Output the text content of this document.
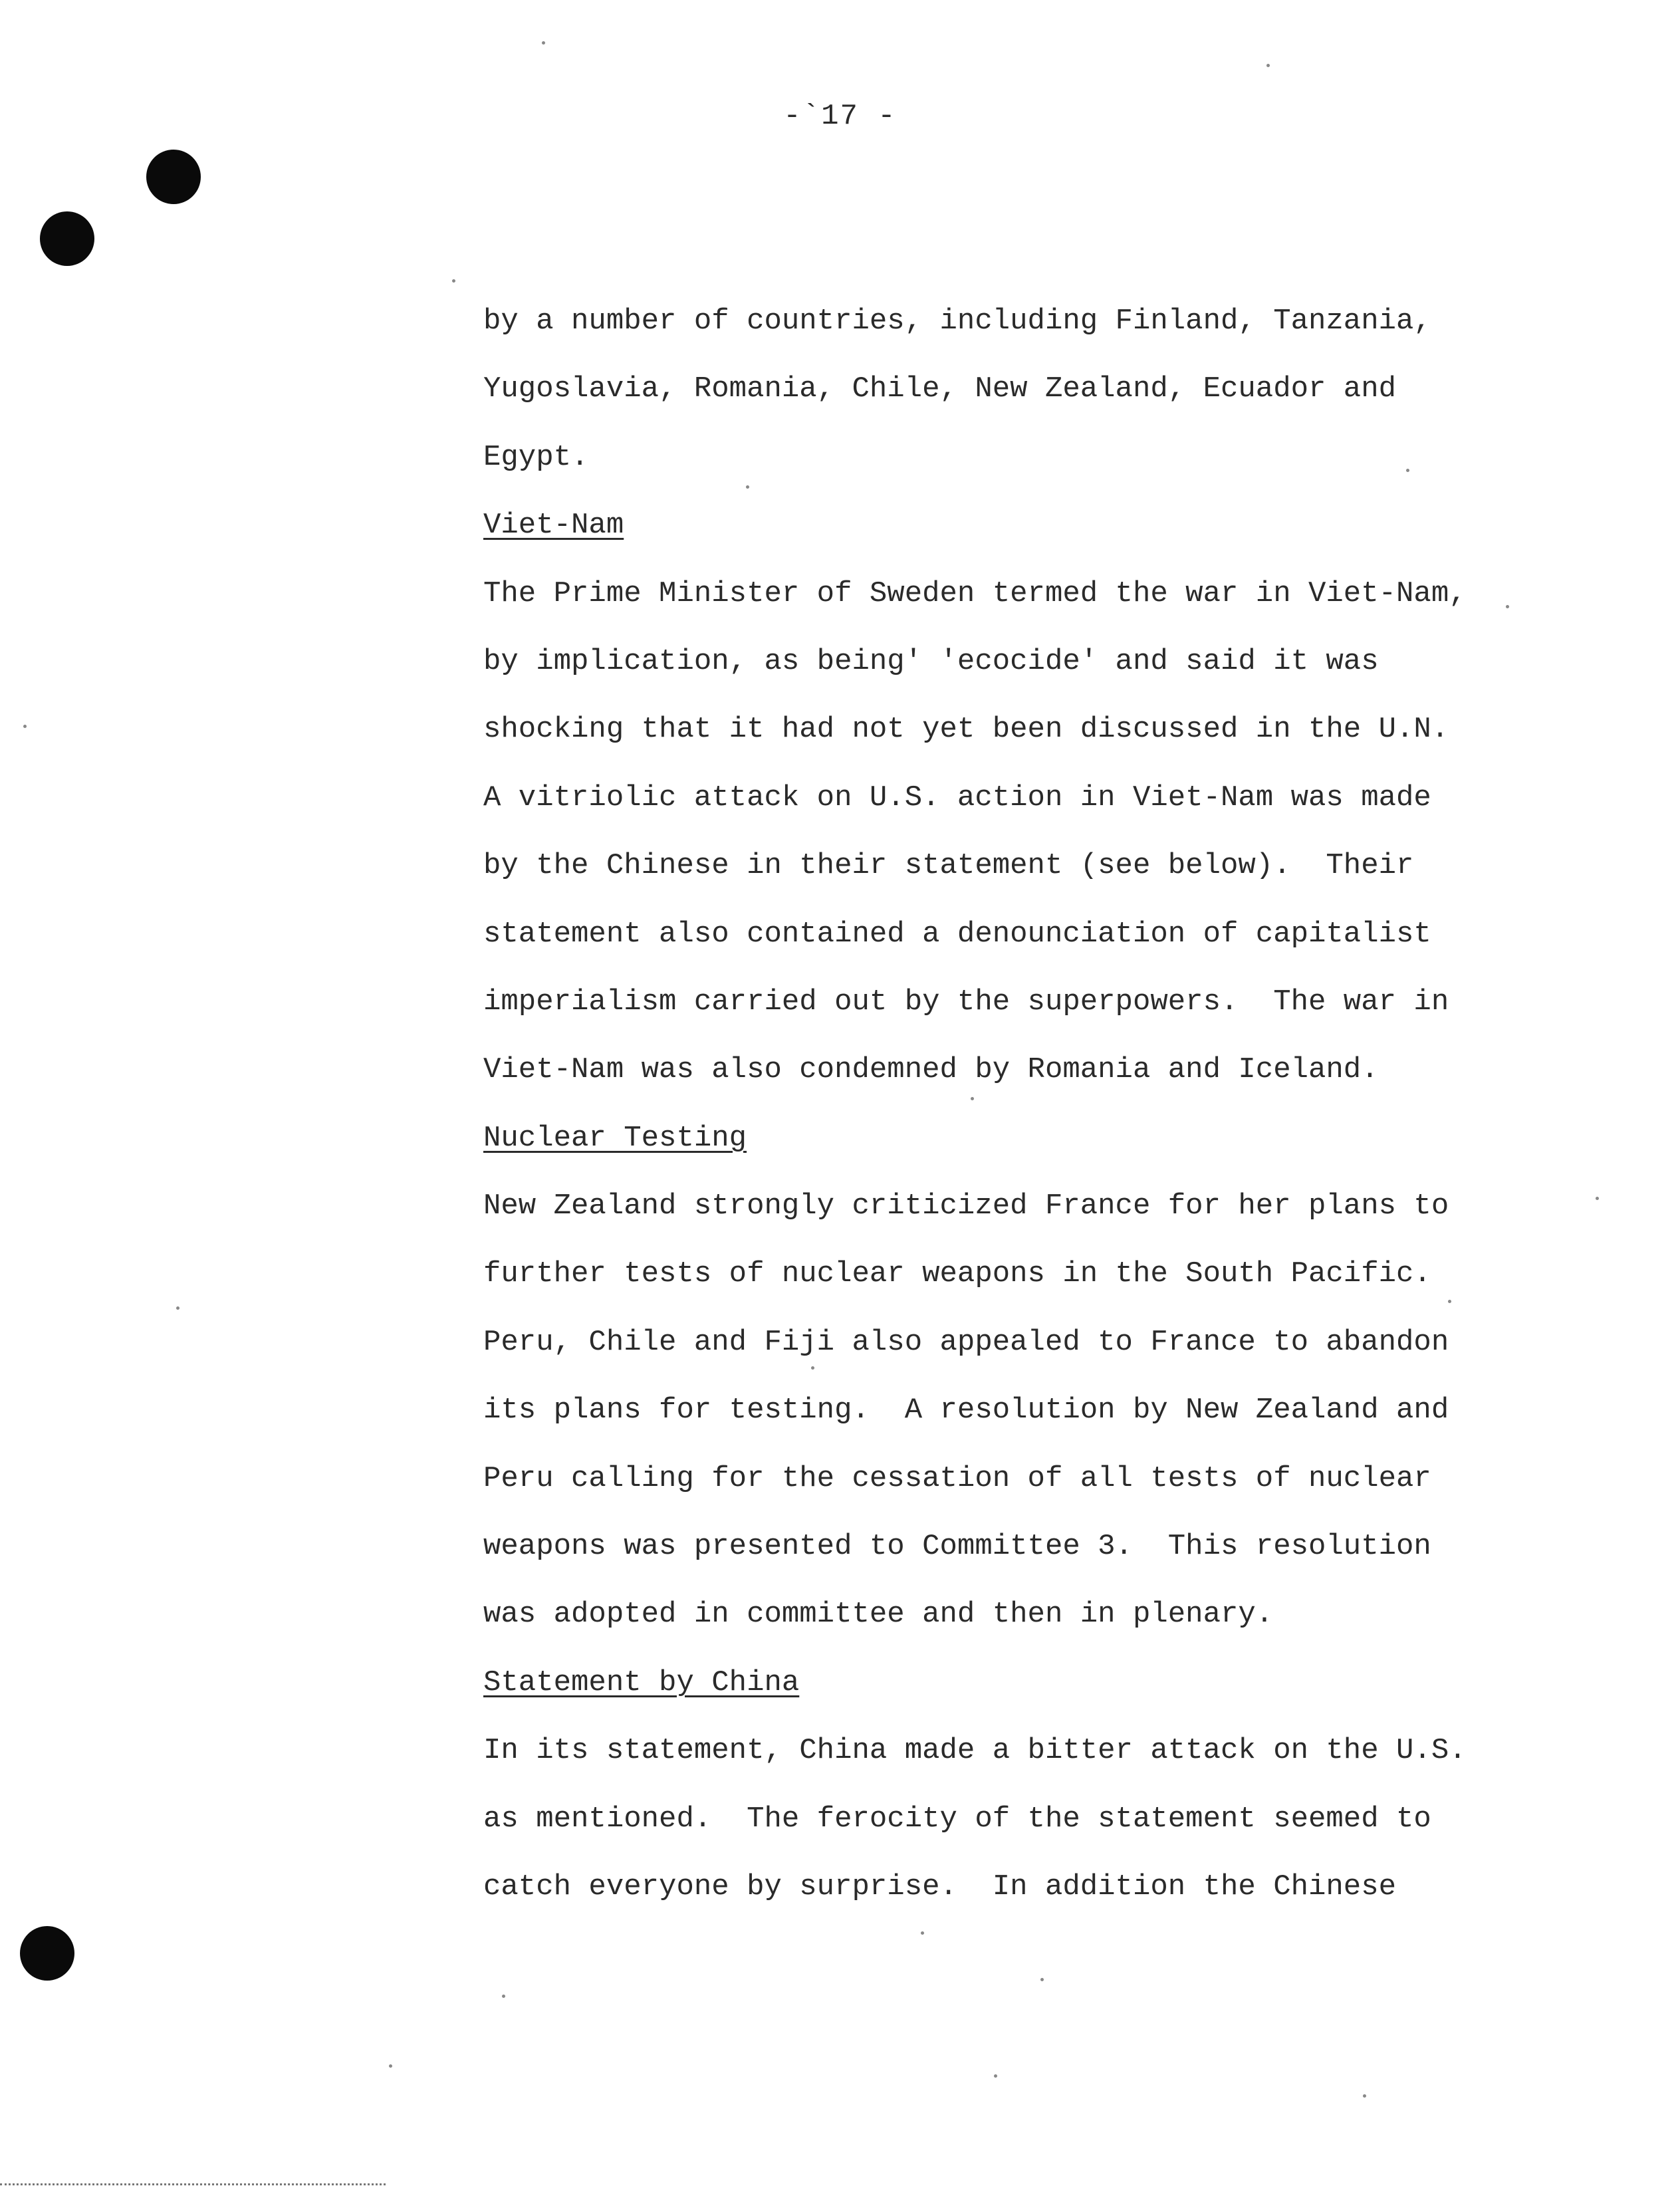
-`17 -
by a number of countries, including Finland, Tanzania,
Yugoslavia, Romania, Chile, New Zealand, Ecuador and
Egypt.
Viet-Nam
The Prime Minister of Sweden termed the war in Viet-Nam,
by implication, as being' 'ecocide' and said it was
shocking that it had not yet been discussed in the U.N.
A vitriolic attack on U.S. action in Viet-Nam was made
by the Chinese in their statement (see below).  Their
statement also contained a denounciation of capitalist
imperialism carried out by the superpowers.  The war in
Viet-Nam was also condemned by Romania and Iceland.
Nuclear Testing
New Zealand strongly criticized France for her plans to
further tests of nuclear weapons in the South Pacific.
Peru, Chile and Fiji also appealed to France to abandon
its plans for testing.  A resolution by New Zealand and
Peru calling for the cessation of all tests of nuclear
weapons was presented to Committee 3.  This resolution
was adopted in committee and then in plenary.
Statement by China
In its statement, China made a bitter attack on the U.S.
as mentioned.  The ferocity of the statement seemed to
catch everyone by surprise.  In addition the Chinese
